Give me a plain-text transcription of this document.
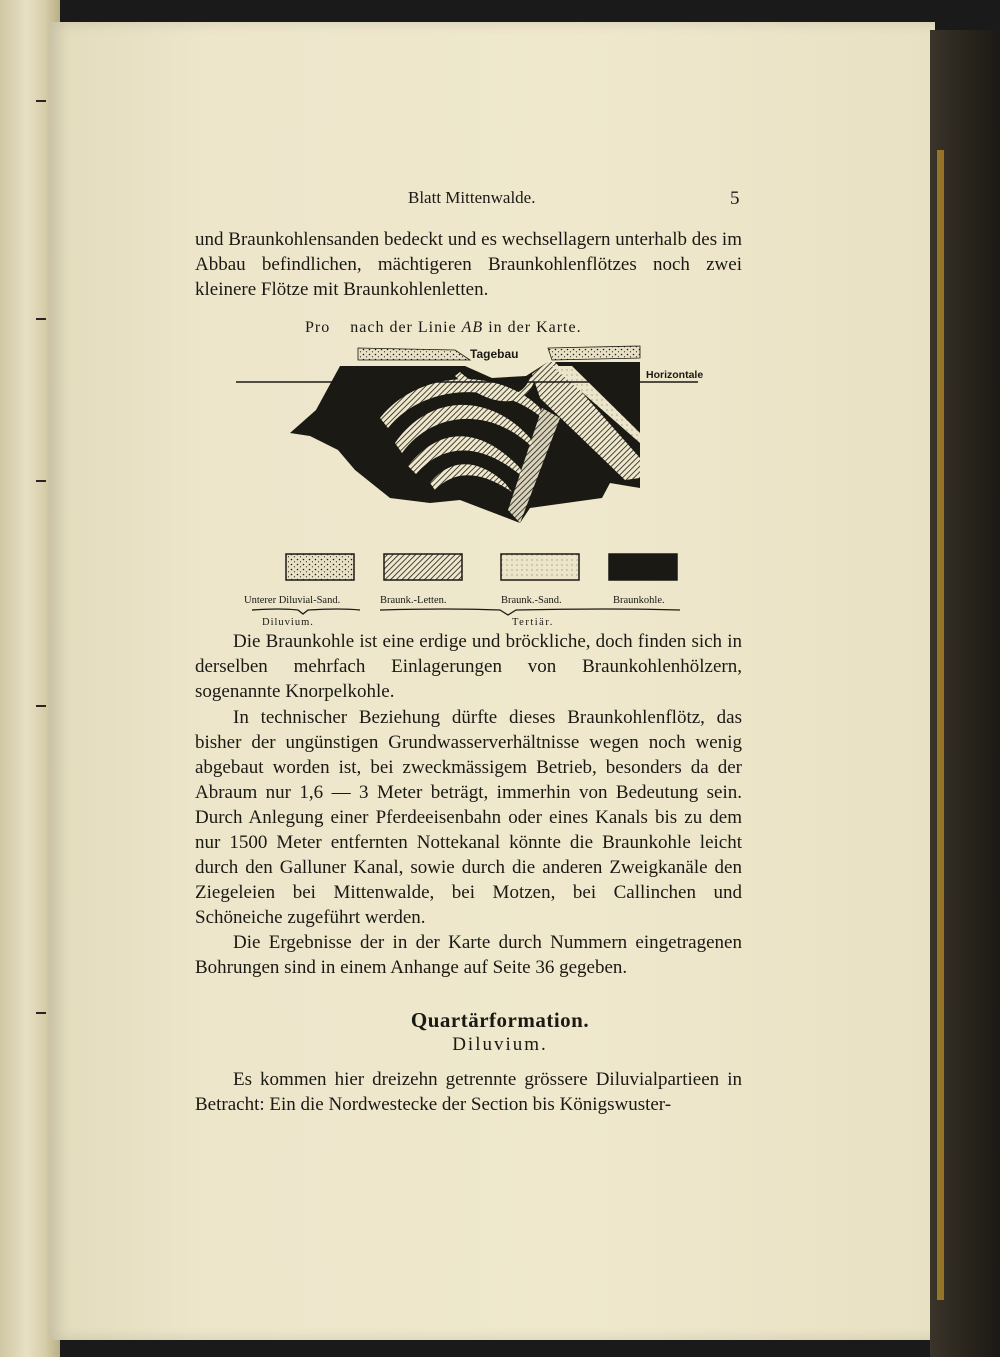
Blatt Mittenwalde.	5

und Braunkohlensanden bedeckt und es wechsellagern unterhalb des im Abbau befindlichen, mächtigeren Braunkohlenflötzes noch zwei kleinere Flötze mit Braunkohlenletten.

Pro nach der Linie AB in der Karte.
Tagebau
Horizontale
Unterer Diluvial-Sand.	Braunk.-Letten.	Braunk.-Sand.	Braunkohle.
Diluvium.	Tertiär.

Die Braunkohle ist eine erdige und bröckliche, doch finden sich in derselben mehrfach Einlagerungen von Braunkohlenhölzern, sogenannte Knorpelkohle.

In technischer Beziehung dürfte dieses Braunkohlenflötz, das bisher der ungünstigen Grundwasserverhältnisse wegen noch wenig abgebaut worden ist, bei zweckmässigem Betrieb, besonders da der Abraum nur 1,6 — 3 Meter beträgt, immerhin von Bedeutung sein. Durch Anlegung einer Pferdeeisenbahn oder eines Kanals bis zu dem nur 1500 Meter entfernten Nottekanal könnte die Braunkohle leicht durch den Galluner Kanal, sowie durch die anderen Zweigkanäle den Ziegeleien bei Mittenwalde, bei Motzen, bei Callinchen und Schöneiche zugeführt werden.

Die Ergebnisse der in der Karte durch Nummern eingetragenen Bohrungen sind in einem Anhange auf Seite 36 gegeben.

Quartärformation.
Diluvium.

Es kommen hier dreizehn getrennte grössere Diluvialpartieen in Betracht: Ein die Nordwestecke der Section bis Königswuster-
